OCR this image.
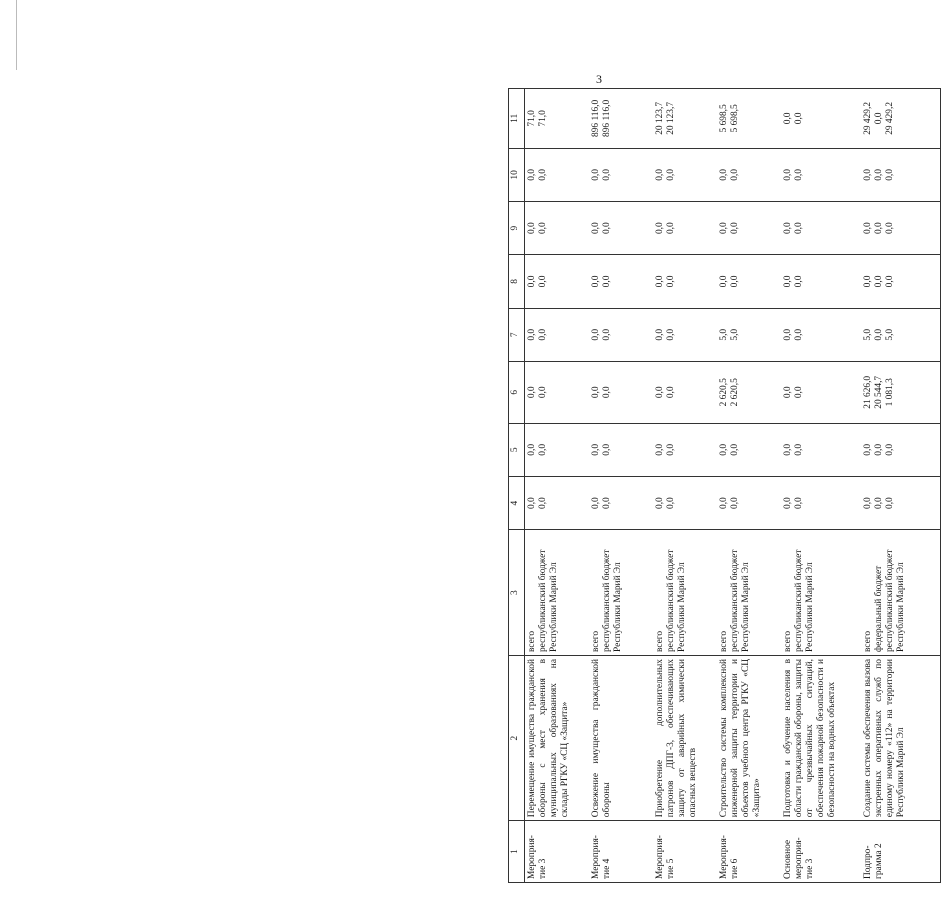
3
1	2	3	4	5	6	7	8	9	10	11
Мероприя-тие 3	Перемещение имущества гражданской обороны с мест хранения в муниципальных образованиях на склады РГКУ «СЦ «Защита»	всего республиканский бюджет Республики Марий Эл	0,0 0,0	0,0 0,0	0,0 0,0	0,0 0,0	0,0 0,0	0,0 0,0	0,0 0,0	71,0 71,0

Мероприя-тие 4	Освежение имущества гражданской обороны	всего республиканский бюджет Республики Марий Эл	0,0 0,0	0,0 0,0	0,0 0,0	0,0 0,0	0,0 0,0	0,0 0,0	0,0 0,0	896 116,0 896 116,0

Мероприя-тие 5	Приобретение дополнительных патронов ДПГ-3, обеспечивающих защиту от аварийных химически опасных веществ	всего республиканский бюджет Республики Марий Эл	0,0 0,0	0,0 0,0	0,0 0,0	0,0 0,0	0,0 0,0	0,0 0,0	0,0 0,0	20 123,7 20 123,7

Мероприя-тие 6	Строительство системы комплексной инженерной защиты территории и объектов учебного центра РГКУ «СЦ «Защита»	всего республиканский бюджет Республики Марий Эл	0,0 0,0	0,0 0,0	2 620,5 2 620,5	5,0 5,0	0,0 0,0	0,0 0,0	0,0 0,0	5 698,5 5 698,5

Основное мероприя-тие 3	Подготовка и обучение населения в области гражданской обороны, защиты от чрезвычайных ситуаций, обеспечения пожарной безопасности и безопасности на водных объектах	всего республиканский бюджет Республики Марий Эл	0,0 0,0	0,0 0,0	0,0 0,0	0,0 0,0	0,0 0,0	0,0 0,0	0,0 0,0	0,0 0,0

Подпро-грамма 2	Создание системы обеспечения вызова экстренных оперативных служб по единому номеру «112» на территории Республики Марий Эл	всего федеральный бюджет республиканский бюджет Республики Марий Эл	0,0 0,0 0,0	0,0 0,0 0,0	21 626,0 20 544,7 1 081,3	5,0 0,0 5,0	0,0 0,0 0,0	0,0 0,0 0,0	0,0 0,0 0,0	29 429,2 0,0 29 429,2
